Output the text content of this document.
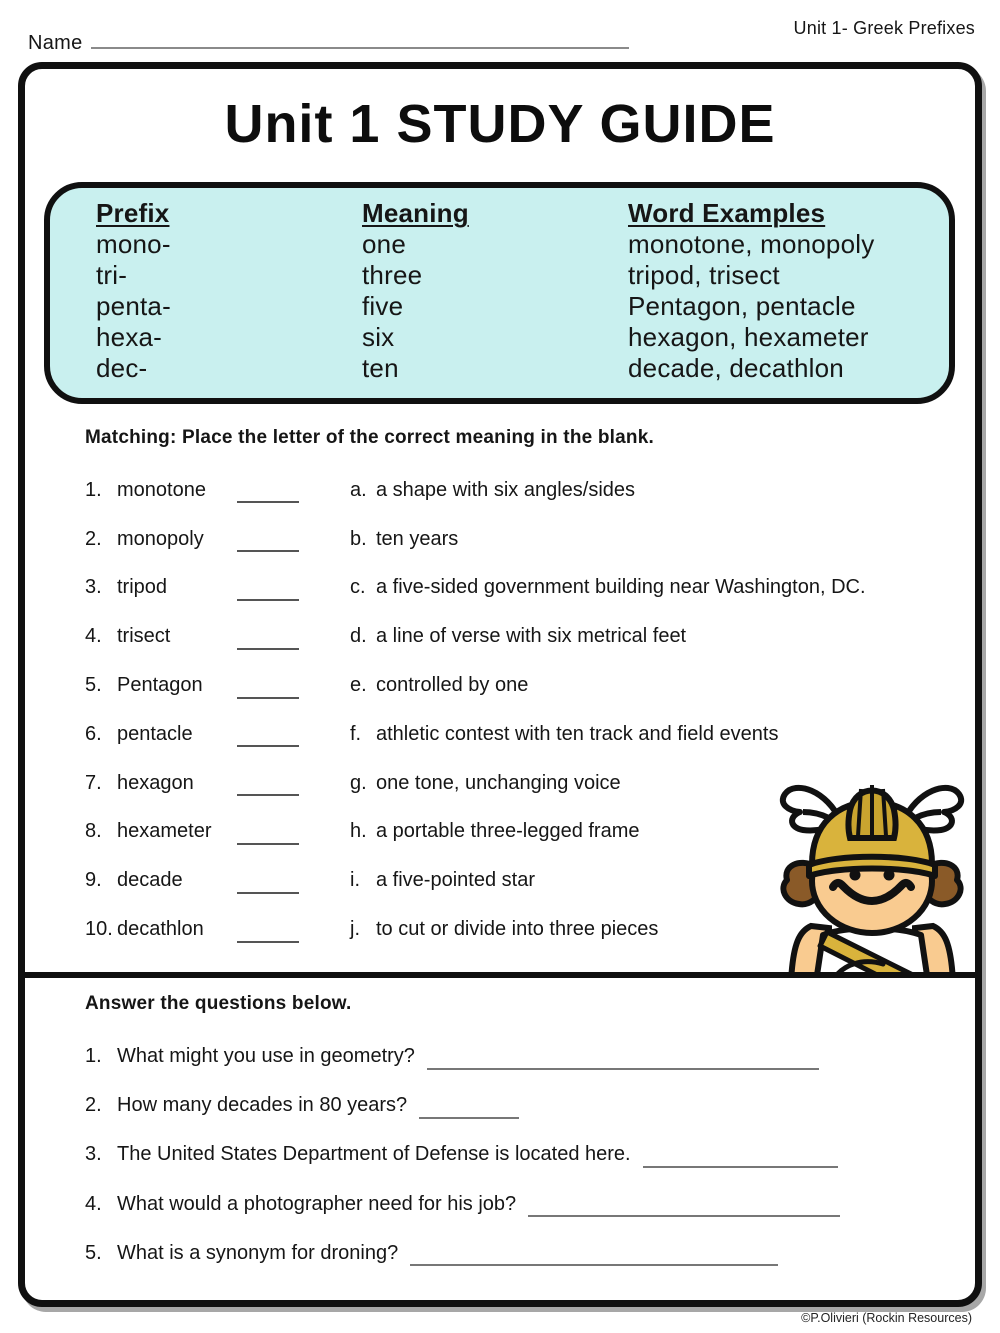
Name
Unit 1- Greek Prefixes
Unit 1 STUDY GUIDE
Prefix	Meaning	Word Examples
mono-	one	monotone, monopoly
tri-	three	tripod, trisect
penta-	five	Pentagon, pentacle
hexa-	six	hexagon, hexameter
dec-	ten	decade, decathlon
Matching: Place the letter of the correct meaning in the blank.
1. monotone	a. a shape with six angles/sides
2. monopoly	b. ten years
3. tripod	c. a five-sided government building near Washington, DC.
4. trisect	d. a line of verse with six metrical feet
5. Pentagon	e. controlled by one
6. pentacle	f. athletic contest with ten track and field events
7. hexagon	g. one tone, unchanging voice
8. hexameter	h. a portable three-legged frame
9. decade	i. a five-pointed star
10. decathlon	j. to cut or divide into three pieces
Answer the questions below.
1. What might you use in geometry?
2. How many decades in 80 years?
3. The United States Department of Defense is located here.
4. What would a photographer need for his job?
5. What is a synonym for droning?
©P.Olivieri (Rockin Resources)
